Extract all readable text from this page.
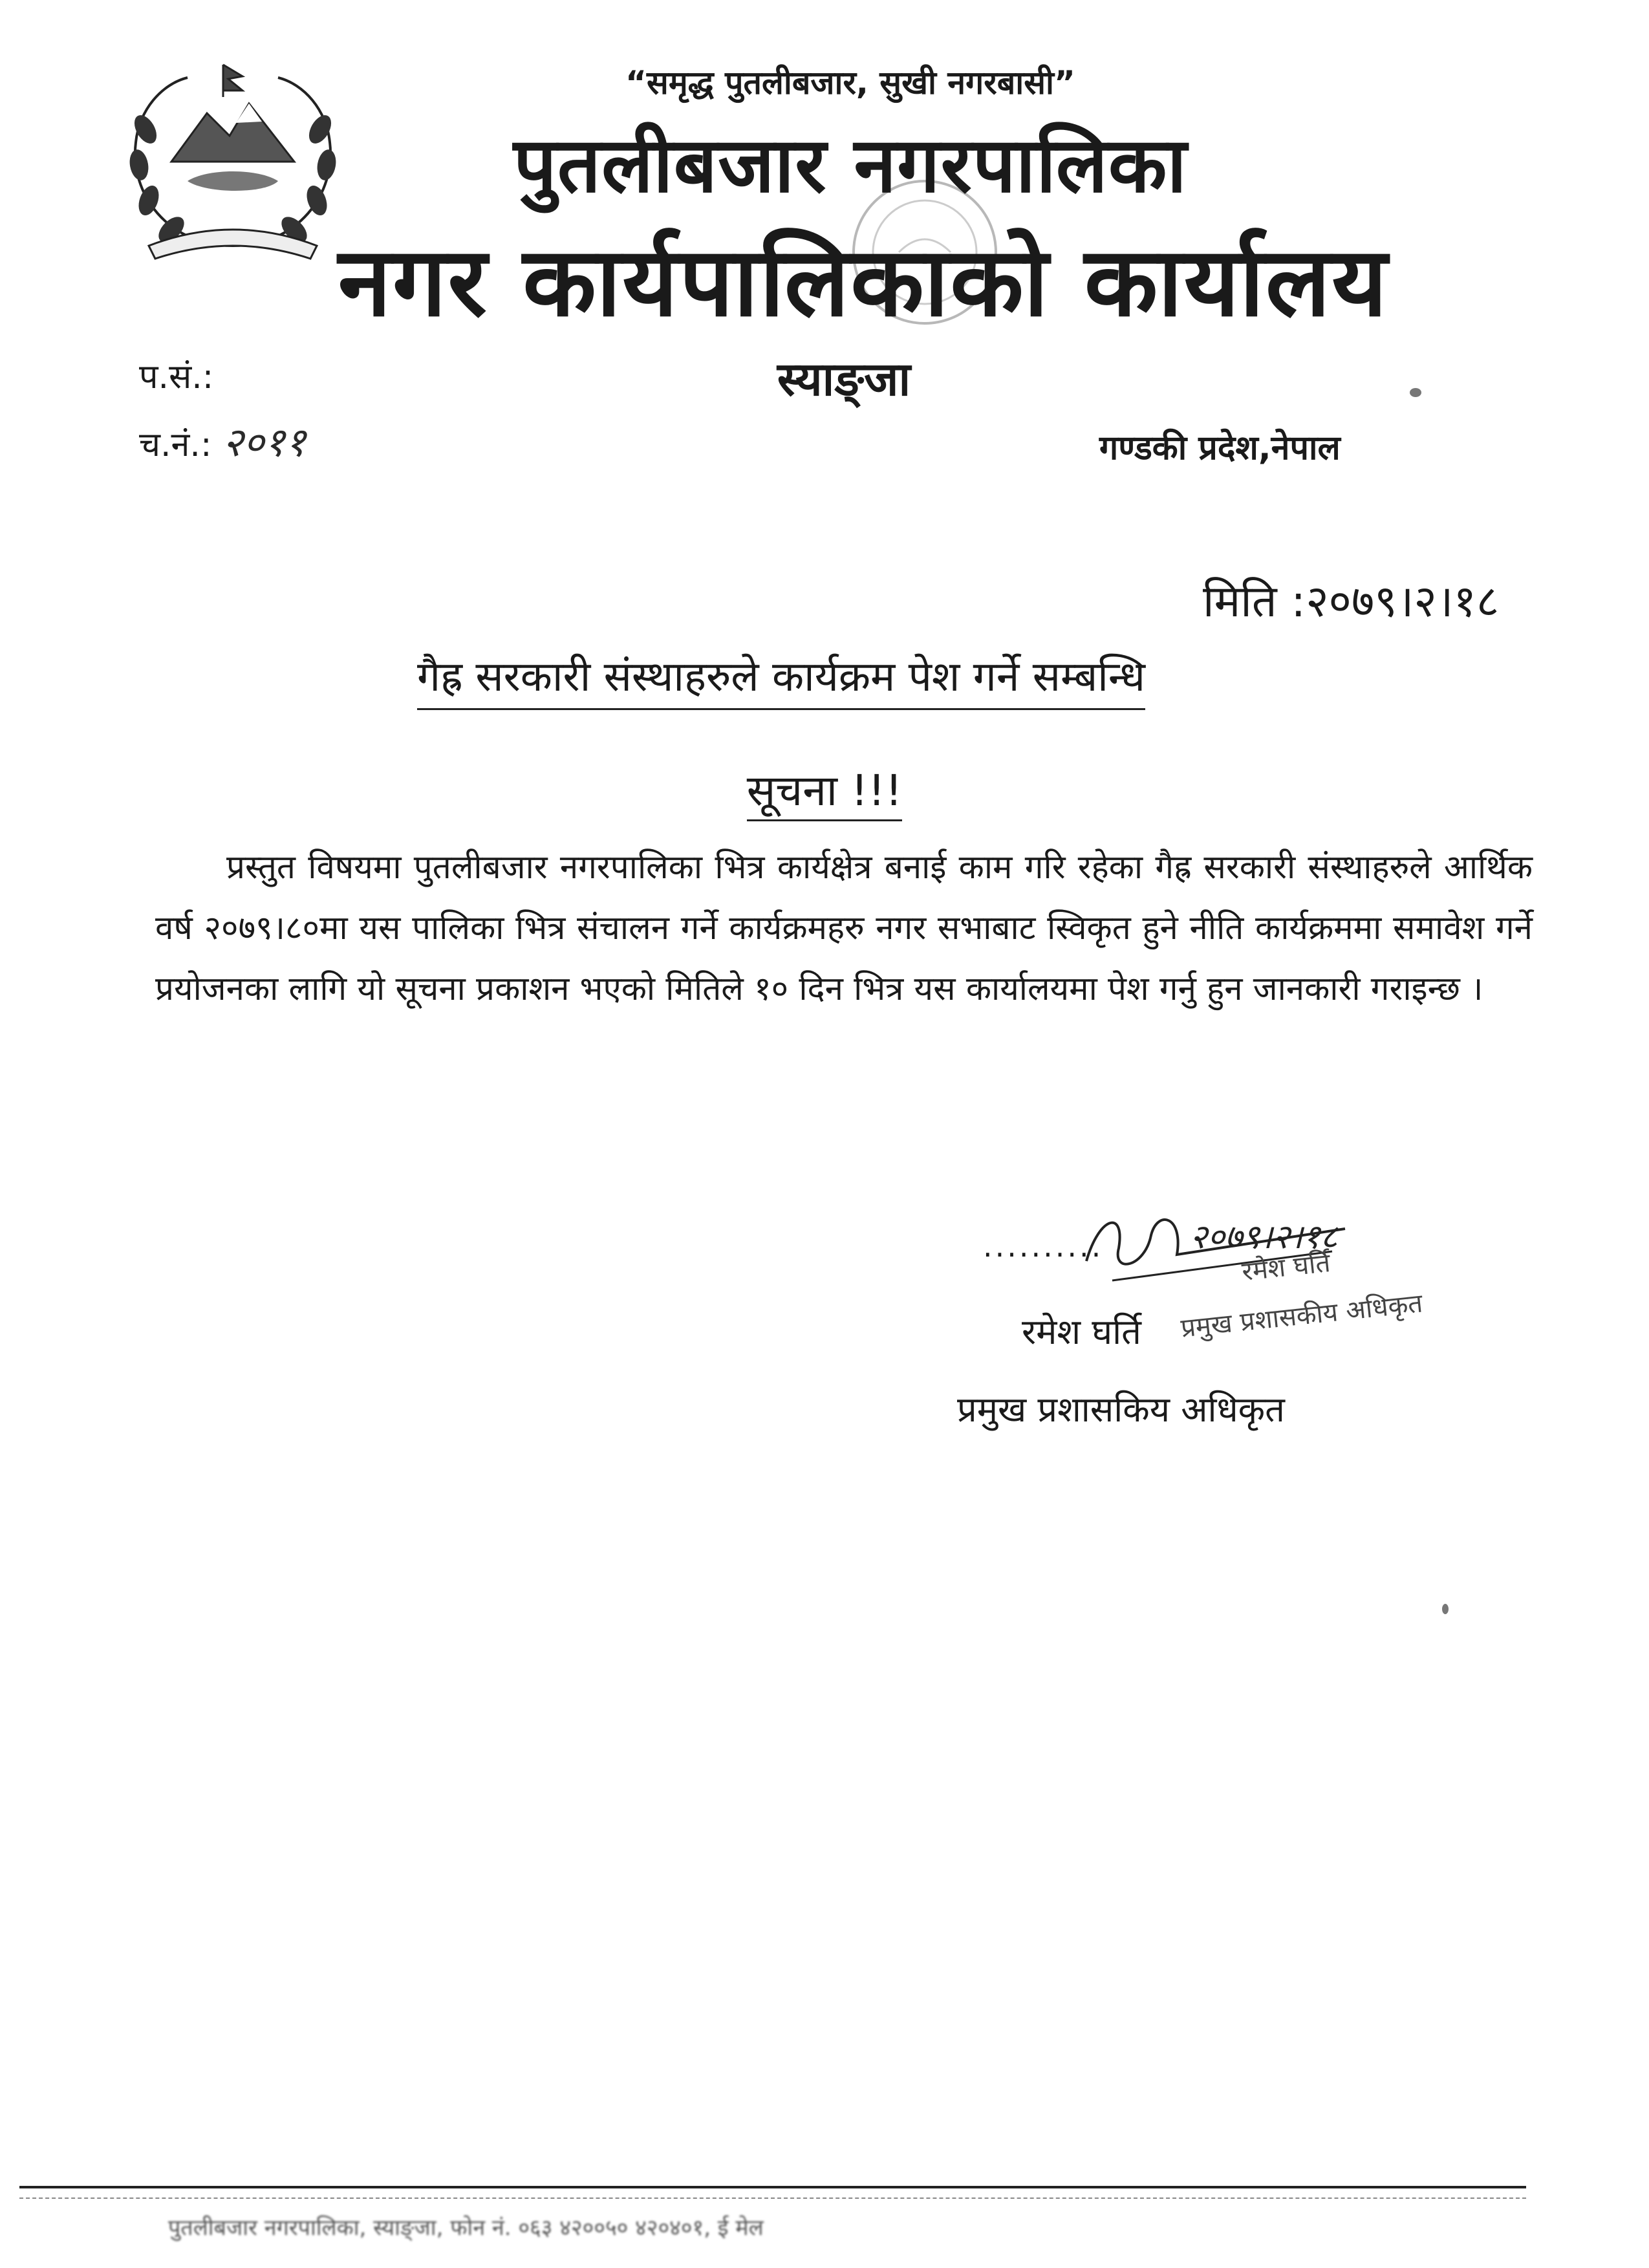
“समृद्ध पुतलीबजार, सुखी नगरबासी”
पुतलीबजार नगरपालिका
नगर कार्यपालिकाको कार्यालय
स्याङ्जा
गण्डकी प्रदेश,नेपाल
प.सं.:
च.नं.: २०११
मिति :२०७९।२।१८
गैह्र सरकारी संस्थाहरुले कार्यक्रम पेश गर्ने सम्बन्धि
सूचना !!!
प्रस्तुत विषयमा पुतलीबजार नगरपालिका भित्र कार्यक्षेत्र बनाई काम गरि रहेका गैह्र सरकारी संस्थाहरुले आर्थिक वर्ष २०७९।८०मा यस पालिका भित्र संचालन गर्ने कार्यक्रमहरु नगर सभाबाट स्विकृत हुने नीति कार्यक्रममा समावेश गर्ने प्रयोजनका लागि यो सूचना प्रकाशन भएको मितिले १० दिन भित्र यस कार्यालयमा पेश गर्नु हुन जानकारी गराइन्छ ।
..........	२०७९।२।१८
रमेश घर्ति
प्रमुख प्रशासकीय अधिकृत
रमेश घर्ति
प्रमुख प्रशासकिय अधिकृत
पुतलीबजार नगरपालिका, स्याङ्जा, फोन नं. ०६३ ४२००५० ४२०४०१, ई मेल
